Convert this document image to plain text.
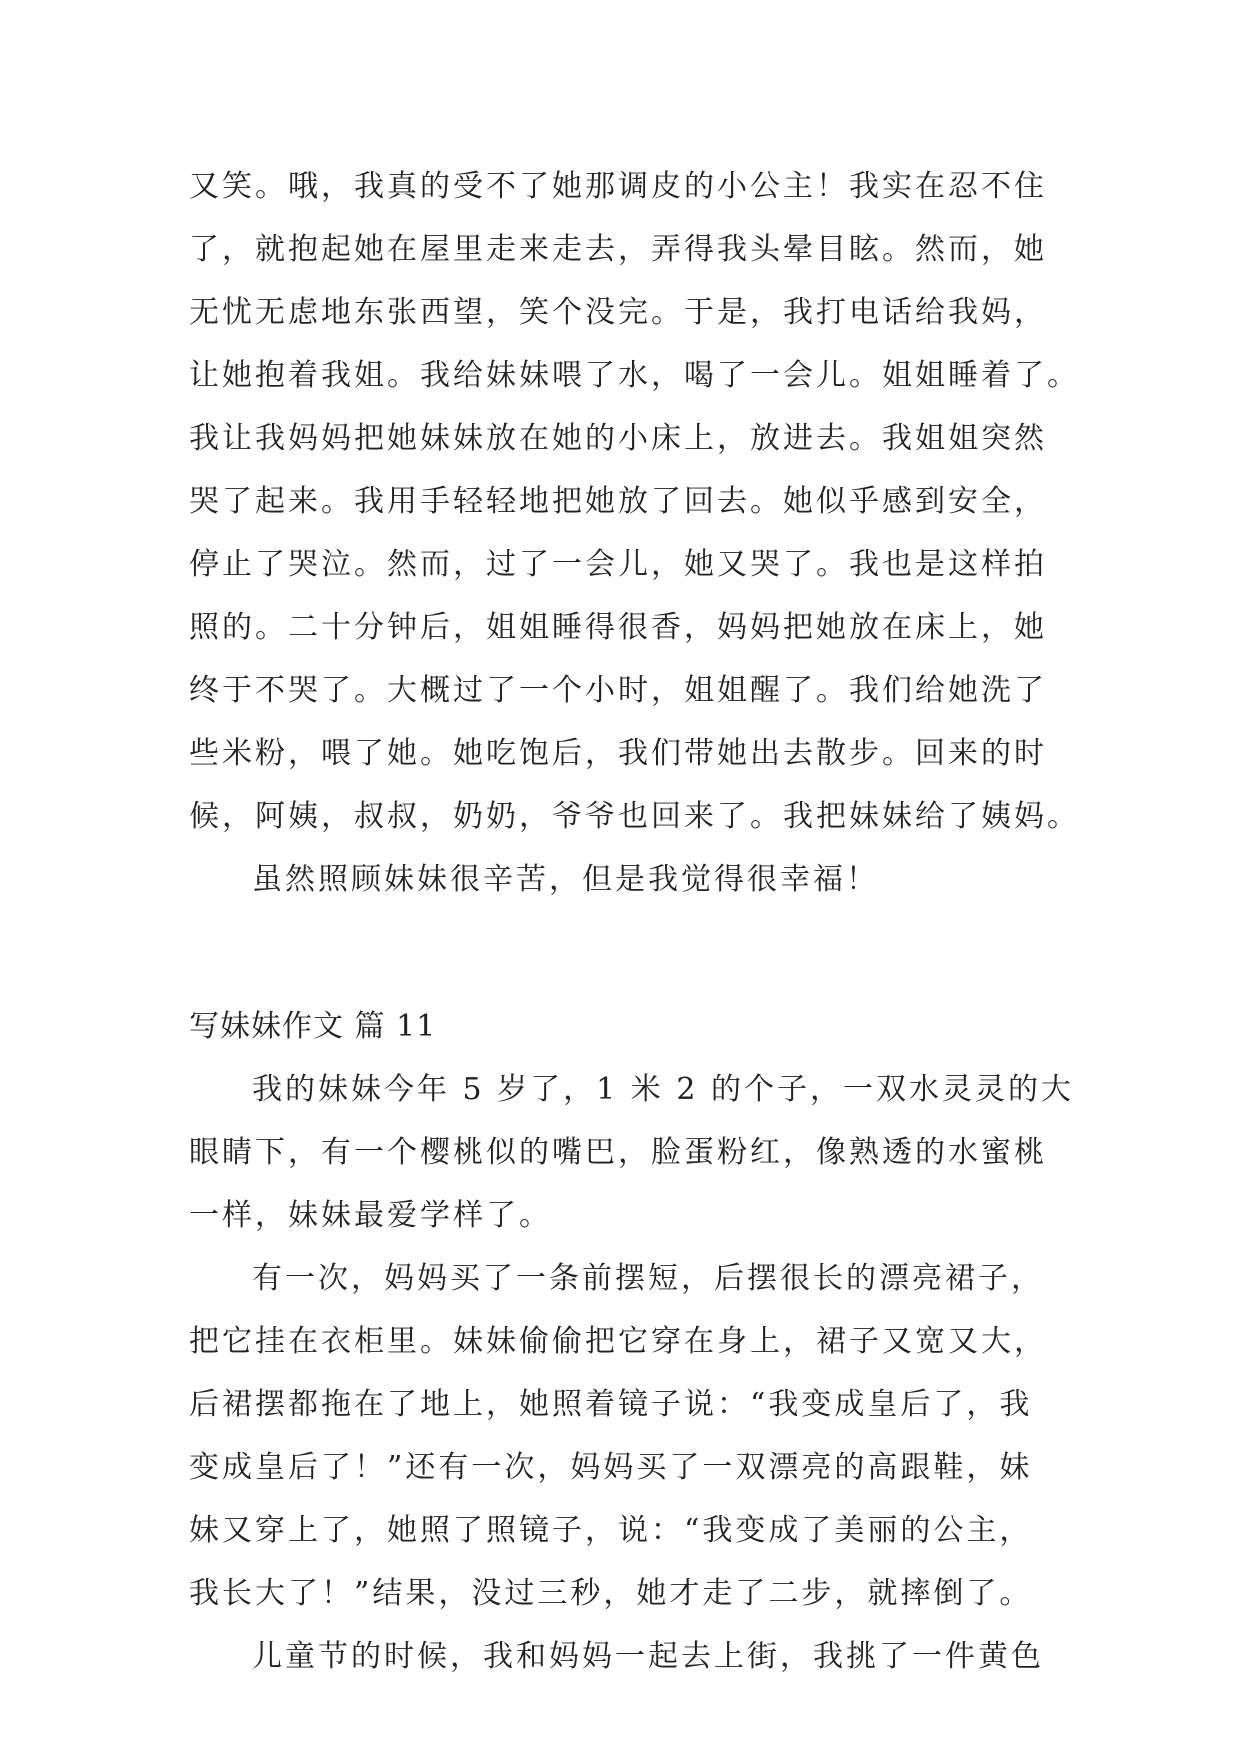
又笑。哦，我真的受不了她那调皮的小公主！我实在忍不住
了，就抱起她在屋里走来走去，弄得我头晕目眩。然而，她
无忧无虑地东张西望，笑个没完。于是，我打电话给我妈，
让她抱着我姐。我给妹妹喂了水，喝了一会儿。姐姐睡着了。
我让我妈妈把她妹妹放在她的小床上，放进去。我姐姐突然
哭了起来。我用手轻轻地把她放了回去。她似乎感到安全，
停止了哭泣。然而，过了一会儿，她又哭了。我也是这样拍
照的。二十分钟后，姐姐睡得很香，妈妈把她放在床上，她
终于不哭了。大概过了一个小时，姐姐醒了。我们给她洗了
些米粉，喂了她。她吃饱后，我们带她出去散步。回来的时
候，阿姨，叔叔，奶奶，爷爷也回来了。我把妹妹给了姨妈。
虽然照顾妹妹很辛苦，但是我觉得很幸福！
写妹妹作文 篇 11
我的妹妹今年 5 岁了，1 米 2 的个子，一双水灵灵的大
眼睛下，有一个樱桃似的嘴巴，脸蛋粉红，像熟透的水蜜桃
一样，妹妹最爱学样了。
有一次，妈妈买了一条前摆短，后摆很长的漂亮裙子，
把它挂在衣柜里。妹妹偷偷把它穿在身上，裙子又宽又大，
后裙摆都拖在了地上，她照着镜子说：“我变成皇后了，我
变成皇后了！”还有一次，妈妈买了一双漂亮的高跟鞋，妹
妹又穿上了，她照了照镜子，说：“我变成了美丽的公主，
我长大了！”结果，没过三秒，她才走了二步，就摔倒了。
儿童节的时候，我和妈妈一起去上街，我挑了一件黄色
